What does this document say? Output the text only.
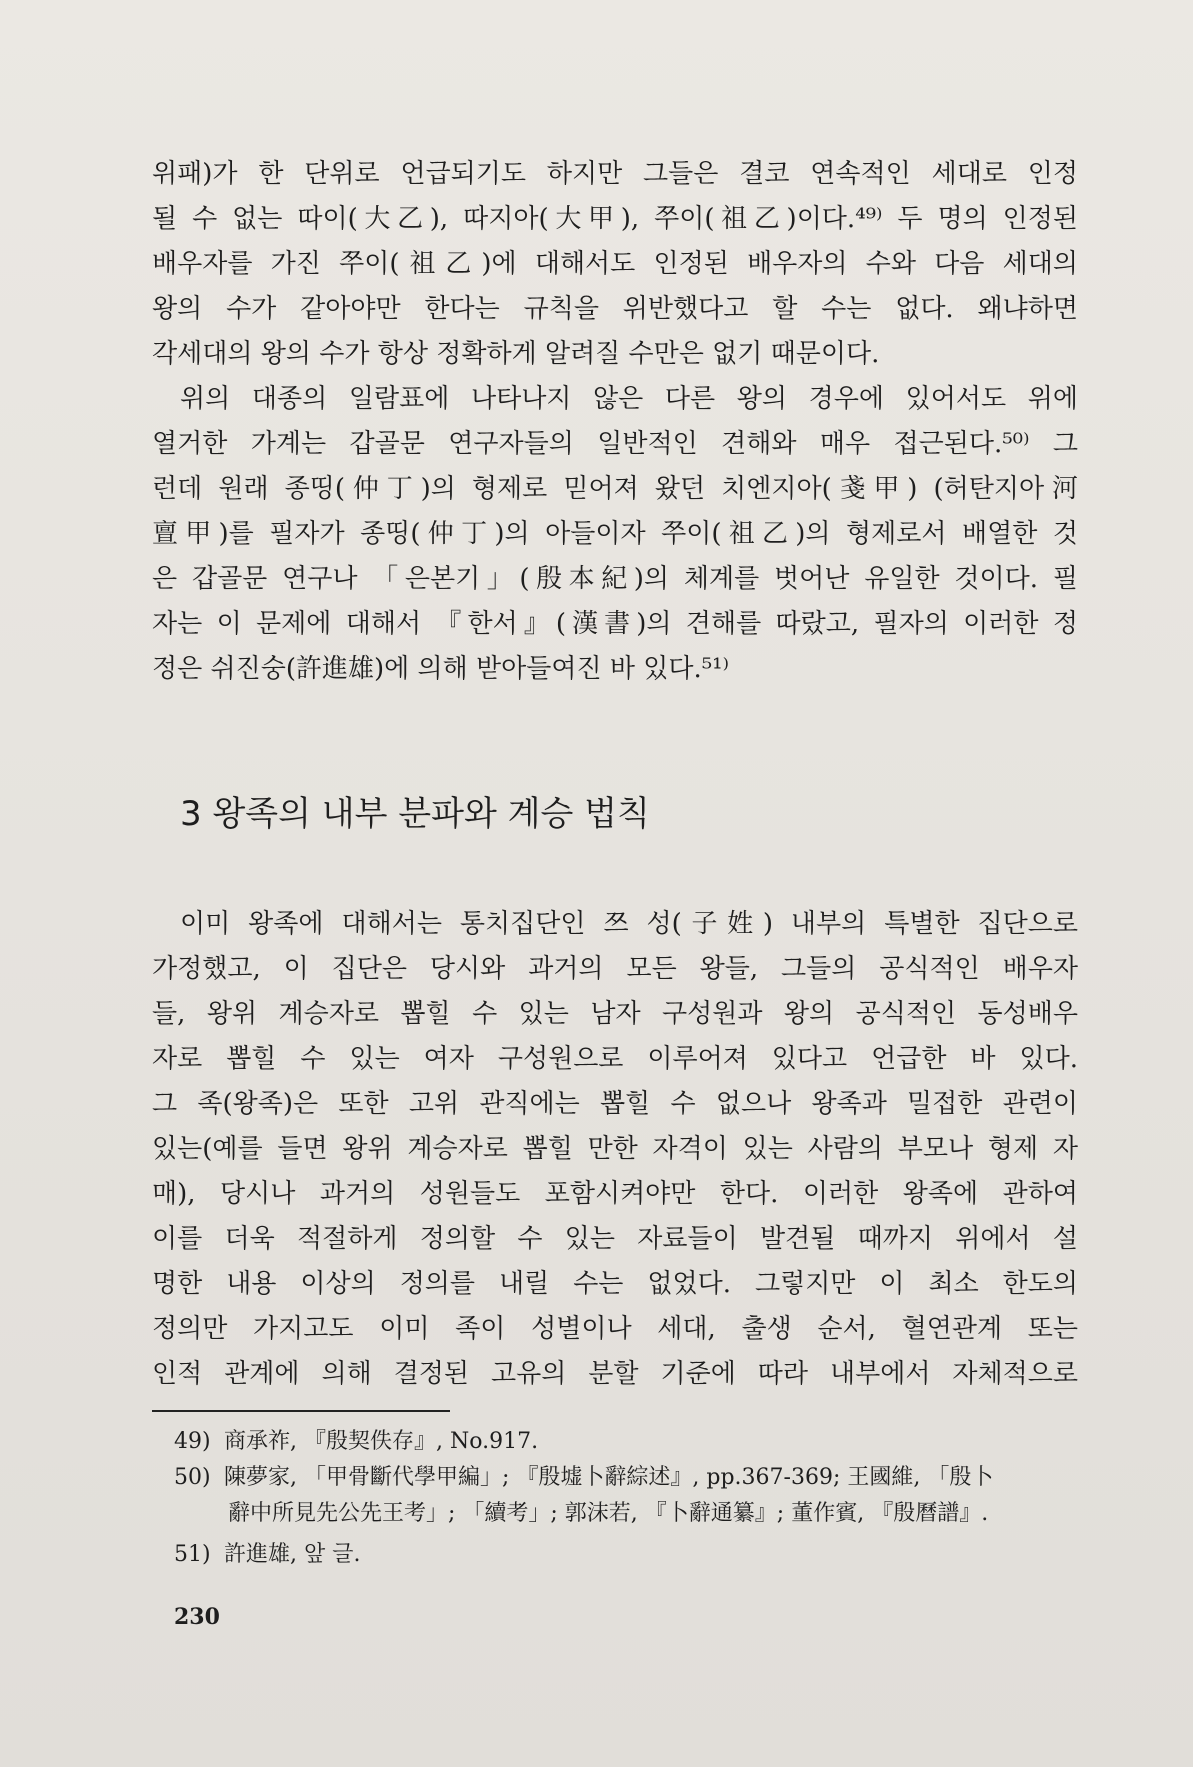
위패)가 한 단위로 언급되기도 하지만 그들은 결코 연속적인 세대로 인정
될 수 없는 따이(大乙), 따지아(大甲), 쭈이(祖乙)이다.⁴⁹⁾ 두 명의 인정된
배우자를 가진 쭈이(祖乙)에 대해서도 인정된 배우자의 수와 다음 세대의
왕의 수가 같아야만 한다는 규칙을 위반했다고 할 수는 없다. 왜냐하면
각세대의 왕의 수가 항상 정확하게 알려질 수만은 없기 때문이다.
위의 대종의 일람표에 나타나지 않은 다른 왕의 경우에 있어서도 위에
열거한 가계는 갑골문 연구자들의 일반적인 견해와 매우 접근된다.⁵⁰⁾ 그
런데 원래 종띵(仲丁)의 형제로 믿어져 왔던 치엔지아(戔甲) (허탄지아河
亶甲)를 필자가 종띵(仲丁)의 아들이자 쭈이(祖乙)의 형제로서 배열한 것
은 갑골문 연구나 「은본기」(殷本紀)의 체계를 벗어난 유일한 것이다. 필
자는 이 문제에 대해서 『한서』(漢書)의 견해를 따랐고, 필자의 이러한 정
정은 쉬진숭(許進雄)에 의해 받아들여진 바 있다.⁵¹⁾
3 왕족의 내부 분파와 계승 법칙
이미 왕족에 대해서는 통치집단인 쯔 성(子姓) 내부의 특별한 집단으로
가정했고, 이 집단은 당시와 과거의 모든 왕들, 그들의 공식적인 배우자
들, 왕위 계승자로 뽑힐 수 있는 남자 구성원과 왕의 공식적인 동성배우
자로 뽑힐 수 있는 여자 구성원으로 이루어져 있다고 언급한 바 있다.
그 족(왕족)은 또한 고위 관직에는 뽑힐 수 없으나 왕족과 밀접한 관련이
있는(예를 들면 왕위 계승자로 뽑힐 만한 자격이 있는 사람의 부모나 형제 자
매), 당시나 과거의 성원들도 포함시켜야만 한다. 이러한 왕족에 관하여
이를 더욱 적절하게 정의할 수 있는 자료들이 발견될 때까지 위에서 설
명한 내용 이상의 정의를 내릴 수는 없었다. 그렇지만 이 최소 한도의
정의만 가지고도 이미 족이 성별이나 세대, 출생 순서, 혈연관계 또는
인적 관계에 의해 결정된 고유의 분할 기준에 따라 내부에서 자체적으로
49) 商承祚, 『殷契佚存』, No.917.
50) 陳夢家, 「甲骨斷代學甲編」; 『殷墟卜辭綜述』, pp.367-369; 王國維, 「殷卜
辭中所見先公先王考」; 「續考」; 郭沫若, 『卜辭通纂』; 董作賓, 『殷曆譜』.
51) 許進雄, 앞 글.
230
